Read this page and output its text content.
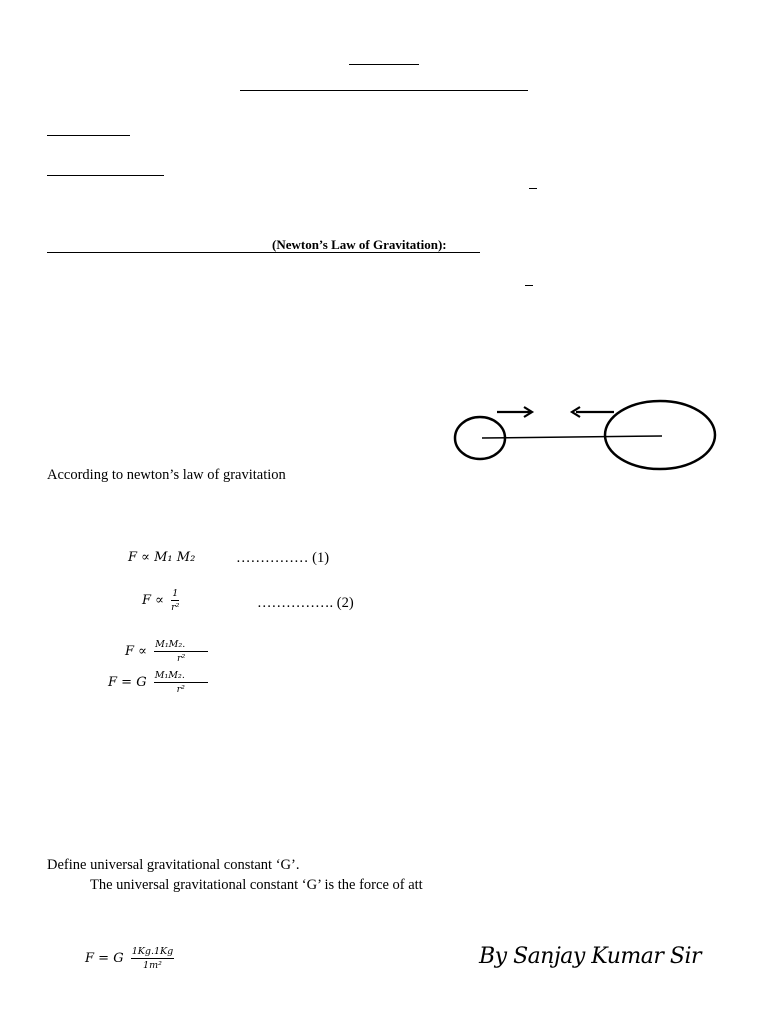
(Newton’s Law of Gravitation):
According to newton’s law of gravitation
F ∝ M₁ M₂	…………… (1)
$F \propto \frac{1}{\text{r²}}$	……………. (2)
$F \propto \frac{\text{M₁M₂.}}{\text{r²}}$
F = G $\frac{\text{M₁M₂.}}{\text{r²}}$
Define universal gravitational constant ‘G’.
The universal gravitational constant ‘G’ is the force of att
F = G $\frac{1Kg.1Kg}{\text{1m²}}$	By Sanjay Kumar Sir
